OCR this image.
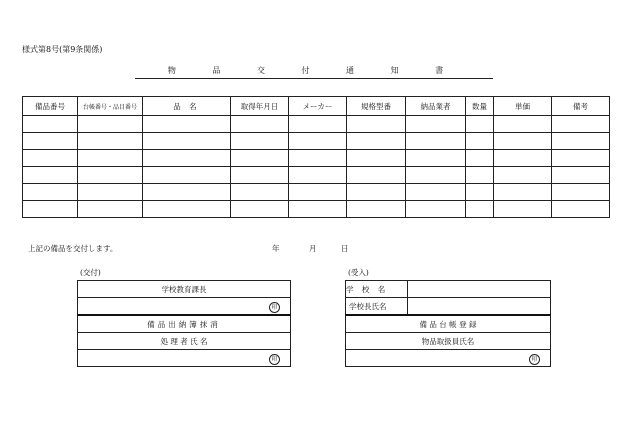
様式第8号(第9条関係)
物 品 交 付 通 知 書
備品番号	台帳番号・品目番号	品 名	取得年月日	メーカー	規格型番	納品業者	数量	単価	備考

上記の備品を交付します。	年	月	日
(交付)
学校教育課長

印

備品出納簿抹消
処 理 者 氏 名

印
(受入)
学 校 名	
学校長氏名	
備 品 台 帳 登 録	
物品取扱員氏名	

印	
